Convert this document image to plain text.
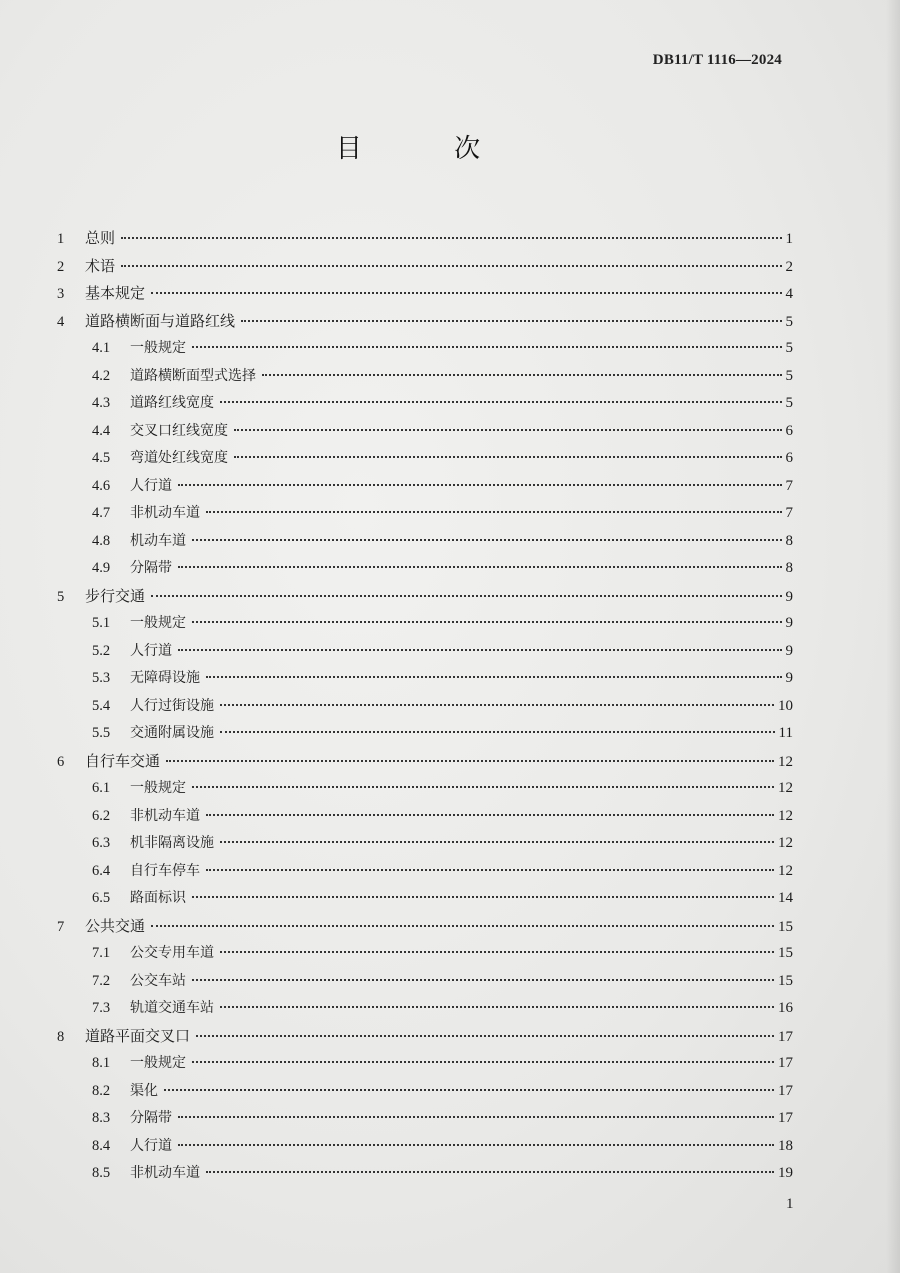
DB11/T 1116—2024
目 次
1	总则	1
2	术语	2
3	基本规定	4
4	道路横断面与道路红线	5
4.1	一般规定	5
4.2	道路横断面型式选择	5
4.3	道路红线宽度	5
4.4	交叉口红线宽度	6
4.5	弯道处红线宽度	6
4.6	人行道	7
4.7	非机动车道	7
4.8	机动车道	8
4.9	分隔带	8
5	步行交通	9
5.1	一般规定	9
5.2	人行道	9
5.3	无障碍设施	9
5.4	人行过街设施	10
5.5	交通附属设施	11
6	自行车交通	12
6.1	一般规定	12
6.2	非机动车道	12
6.3	机非隔离设施	12
6.4	自行车停车	12
6.5	路面标识	14
7	公共交通	15
7.1	公交专用车道	15
7.2	公交车站	15
7.3	轨道交通车站	16
8	道路平面交叉口	17
8.1	一般规定	17
8.2	渠化	17
8.3	分隔带	17
8.4	人行道	18
8.5	非机动车道	19
1
